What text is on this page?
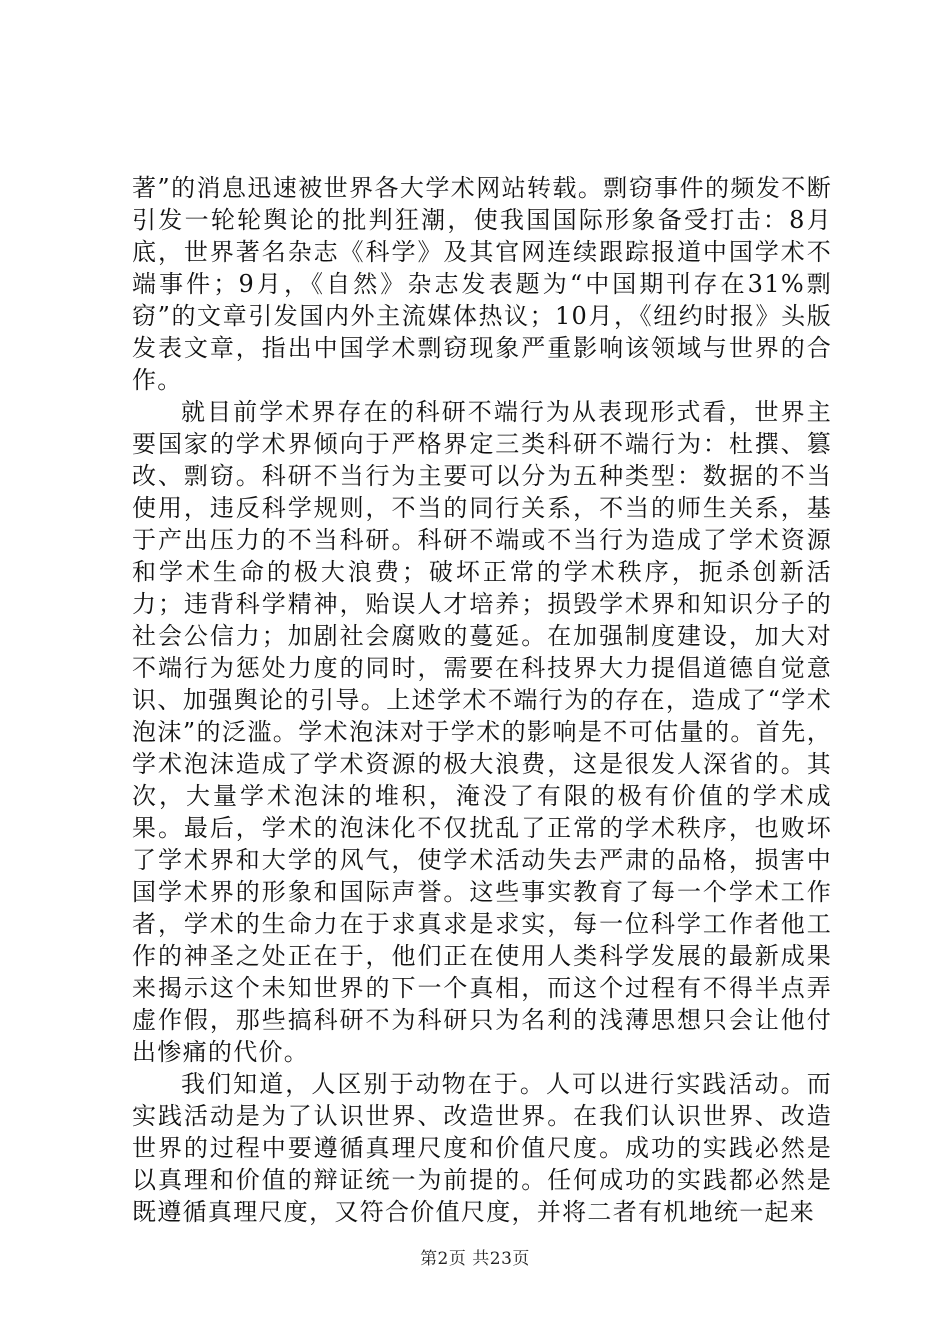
著”的消息迅速被世界各大学术网站转载。剽窃事件的频发不断引发一轮轮舆论的批判狂潮，使我国国际形象备受打击：8月底，世界著名杂志《科学》及其官网连续跟踪报道中国学术不端事件；9月，《自然》杂志发表题为“中国期刊存在31%剽窃”的文章引发国内外主流媒体热议；10月，《纽约时报》头版发表文章，指出中国学术剽窃现象严重影响该领域与世界的合作。

就目前学术界存在的科研不端行为从表现形式看，世界主要国家的学术界倾向于严格界定三类科研不端行为：杜撰、篡改、剽窃。科研不当行为主要可以分为五种类型：数据的不当使用，违反科学规则，不当的同行关系，不当的师生关系，基于产出压力的不当科研。科研不端或不当行为造成了学术资源和学术生命的极大浪费；破坏正常的学术秩序，扼杀创新活力；违背科学精神，贻误人才培养；损毁学术界和知识分子的社会公信力；加剧社会腐败的蔓延。在加强制度建设，加大对不端行为惩处力度的同时，需要在科技界大力提倡道德自觉意识、加强舆论的引导。上述学术不端行为的存在，造成了“学术泡沫”的泛滥。学术泡沫对于学术的影响是不可估量的。首先，学术泡沫造成了学术资源的极大浪费，这是很发人深省的。其次，大量学术泡沫的堆积，淹没了有限的极有价值的学术成果。最后，学术的泡沫化不仅扰乱了正常的学术秩序，也败坏了学术界和大学的风气，使学术活动失去严肃的品格，损害中国学术界的形象和国际声誉。这些事实教育了每一个学术工作者，学术的生命力在于求真求是求实，每一位科学工作者他工作的神圣之处正在于，他们正在使用人类科学发展的最新成果来揭示这个未知世界的下一个真相，而这个过程有不得半点弄虚作假，那些搞科研不为科研只为名利的浅薄思想只会让他付出惨痛的代价。

我们知道，人区别于动物在于。人可以进行实践活动。而实践活动是为了认识世界、改造世界。在我们认识世界、改造世界的过程中要遵循真理尺度和价值尺度。成功的实践必然是以真理和价值的辩证统一为前提的。任何成功的实践都必然是既遵循真理尺度，又符合价值尺度，并将二者有机地统一起来

第2页 共23页
